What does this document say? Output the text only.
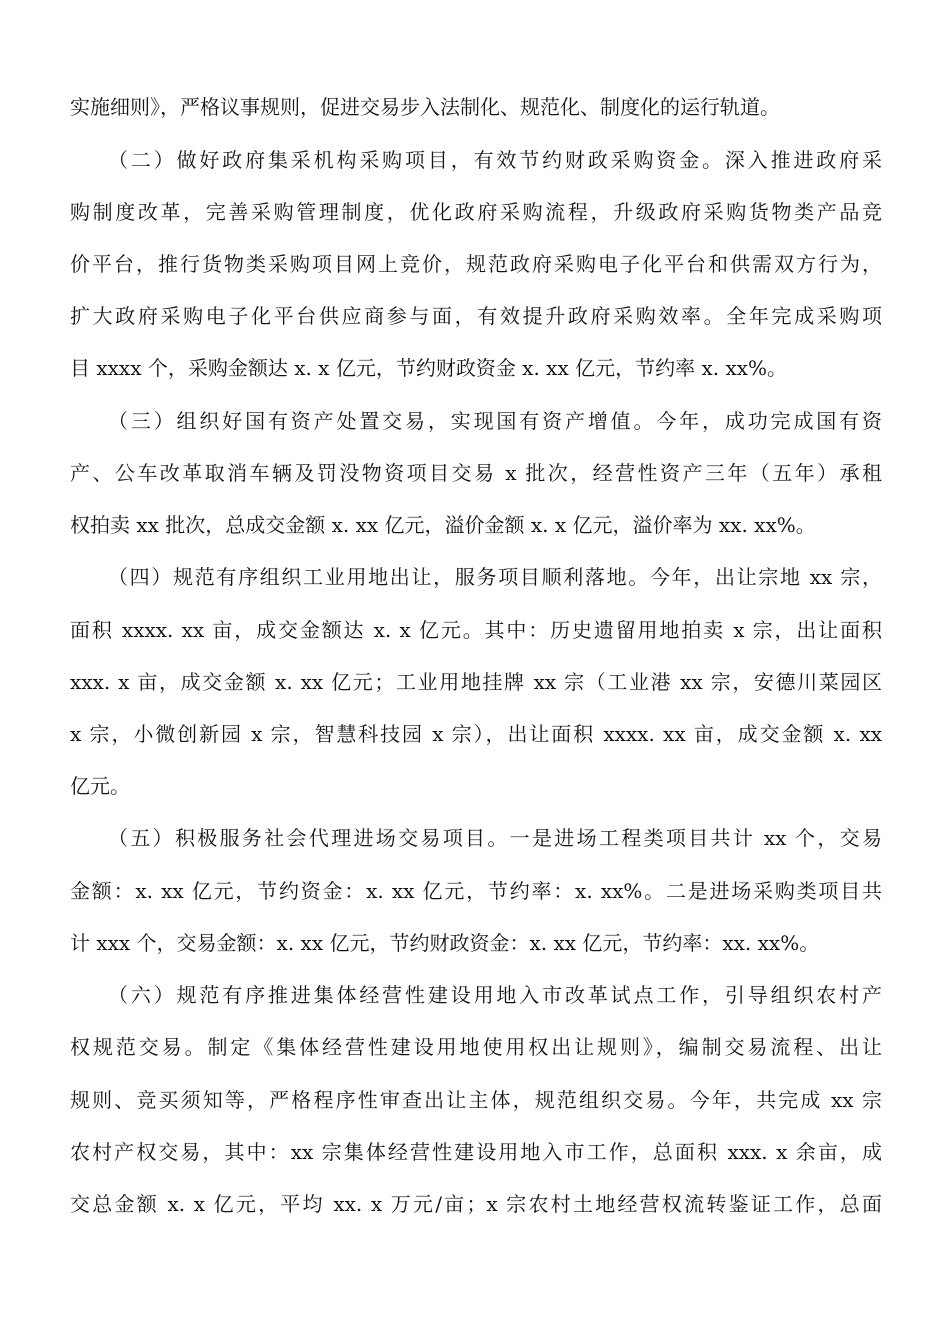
实施细则》，严格议事规则，促进交易步入法制化、规范化、制度化的运行轨道。
（二）做好政府集采机构采购项目，有效节约财政采购资金。深入推进政府采
购制度改革，完善采购管理制度，优化政府采购流程，升级政府采购货物类产品竞
价平台，推行货物类采购项目网上竞价，规范政府采购电子化平台和供需双方行为，
扩大政府采购电子化平台供应商参与面，有效提升政府采购效率。全年完成采购项
目 xxxx 个，采购金额达 x. x 亿元，节约财政资金 x. xx 亿元，节约率 x. xx%。
（三）组织好国有资产处置交易，实现国有资产增值。今年，成功完成国有资
产、公车改革取消车辆及罚没物资项目交易 x 批次，经营性资产三年（五年）承租
权拍卖 xx 批次，总成交金额 x. xx 亿元，溢价金额 x. x 亿元，溢价率为 xx. xx%。
（四）规范有序组织工业用地出让，服务项目顺利落地。今年，出让宗地 xx 宗，
面积 xxxx. xx 亩，成交金额达 x. x 亿元。其中：历史遗留用地拍卖 x 宗，出让面积
xxx. x 亩，成交金额 x. xx 亿元；工业用地挂牌 xx 宗（工业港 xx 宗，安德川菜园区
x 宗，小微创新园 x 宗，智慧科技园 x 宗），出让面积 xxxx. xx 亩，成交金额 x. xx
亿元。
（五）积极服务社会代理进场交易项目。一是进场工程类项目共计 xx 个，交易
金额：x. xx 亿元，节约资金：x. xx 亿元，节约率：x. xx%。二是进场采购类项目共
计 xxx 个，交易金额：x. xx 亿元，节约财政资金：x. xx 亿元，节约率：xx. xx%。
（六）规范有序推进集体经营性建设用地入市改革试点工作，引导组织农村产
权规范交易。制定《集体经营性建设用地使用权出让规则》，编制交易流程、出让
规则、竞买须知等，严格程序性审查出让主体，规范组织交易。今年，共完成 xx 宗
农村产权交易，其中：xx 宗集体经营性建设用地入市工作，总面积 xxx. x 余亩，成
交总金额 x. x 亿元，平均 xx. x 万元/亩；x 宗农村土地经营权流转鉴证工作，总面
